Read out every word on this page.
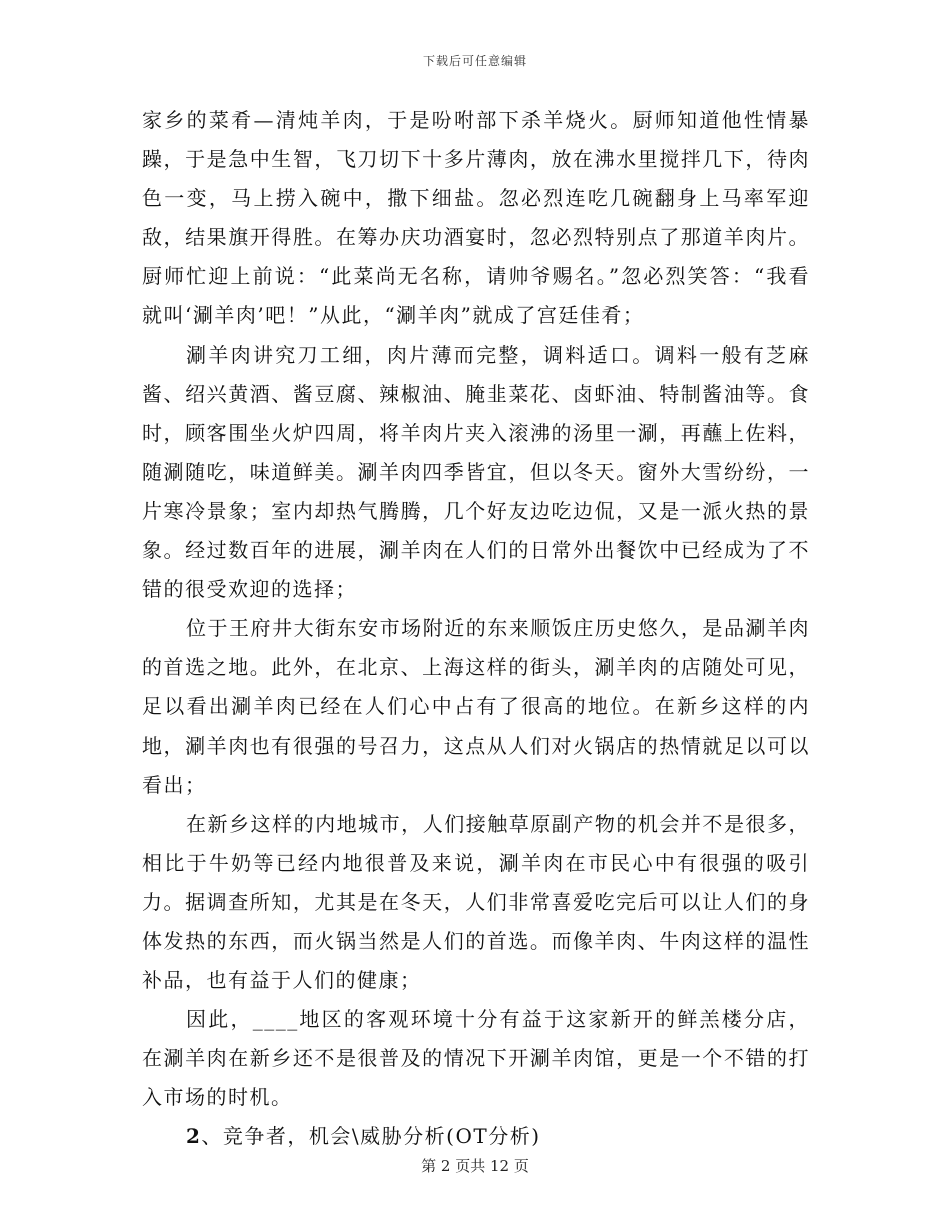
下载后可任意编辑

家乡的菜肴—清炖羊肉，于是吩咐部下杀羊烧火。厨师知道他性情暴躁，于是急中生智，飞刀切下十多片薄肉，放在沸水里搅拌几下，待肉色一变，马上捞入碗中，撒下细盐。忽必烈连吃几碗翻身上马率军迎敌，结果旗开得胜。在筹办庆功酒宴时，忽必烈特别点了那道羊肉片。厨师忙迎上前说：“此菜尚无名称，请帅爷赐名。”忽必烈笑答：“我看就叫‘涮羊肉’吧！”从此，“涮羊肉”就成了宫廷佳肴；

涮羊肉讲究刀工细，肉片薄而完整，调料适口。调料一般有芝麻酱、绍兴黄酒、酱豆腐、辣椒油、腌韭菜花、卤虾油、特制酱油等。食时，顾客围坐火炉四周，将羊肉片夹入滚沸的汤里一涮，再蘸上佐料，随涮随吃，味道鲜美。涮羊肉四季皆宜，但以冬天。窗外大雪纷纷，一片寒冷景象；室内却热气腾腾，几个好友边吃边侃，又是一派火热的景象。经过数百年的进展，涮羊肉在人们的日常外出餐饮中已经成为了不错的很受欢迎的选择；

位于王府井大街东安市场附近的东来顺饭庄历史悠久，是品涮羊肉的首选之地。此外，在北京、上海这样的街头，涮羊肉的店随处可见，足以看出涮羊肉已经在人们心中占有了很高的地位。在新乡这样的内地，涮羊肉也有很强的号召力，这点从人们对火锅店的热情就足以可以看出；

在新乡这样的内地城市，人们接触草原副产物的机会并不是很多，相比于牛奶等已经内地很普及来说，涮羊肉在市民心中有很强的吸引力。据调查所知，尤其是在冬天，人们非常喜爱吃完后可以让人们的身体发热的东西，而火锅当然是人们的首选。而像羊肉、牛肉这样的温性补品，也有益于人们的健康；

因此，____地区的客观环境十分有益于这家新开的鲜羔楼分店，在涮羊肉在新乡还不是很普及的情况下开涮羊肉馆，更是一个不错的打入市场的时机。

2、竞争者，机会\威胁分析(OT分析)

第 2 页共 12 页
